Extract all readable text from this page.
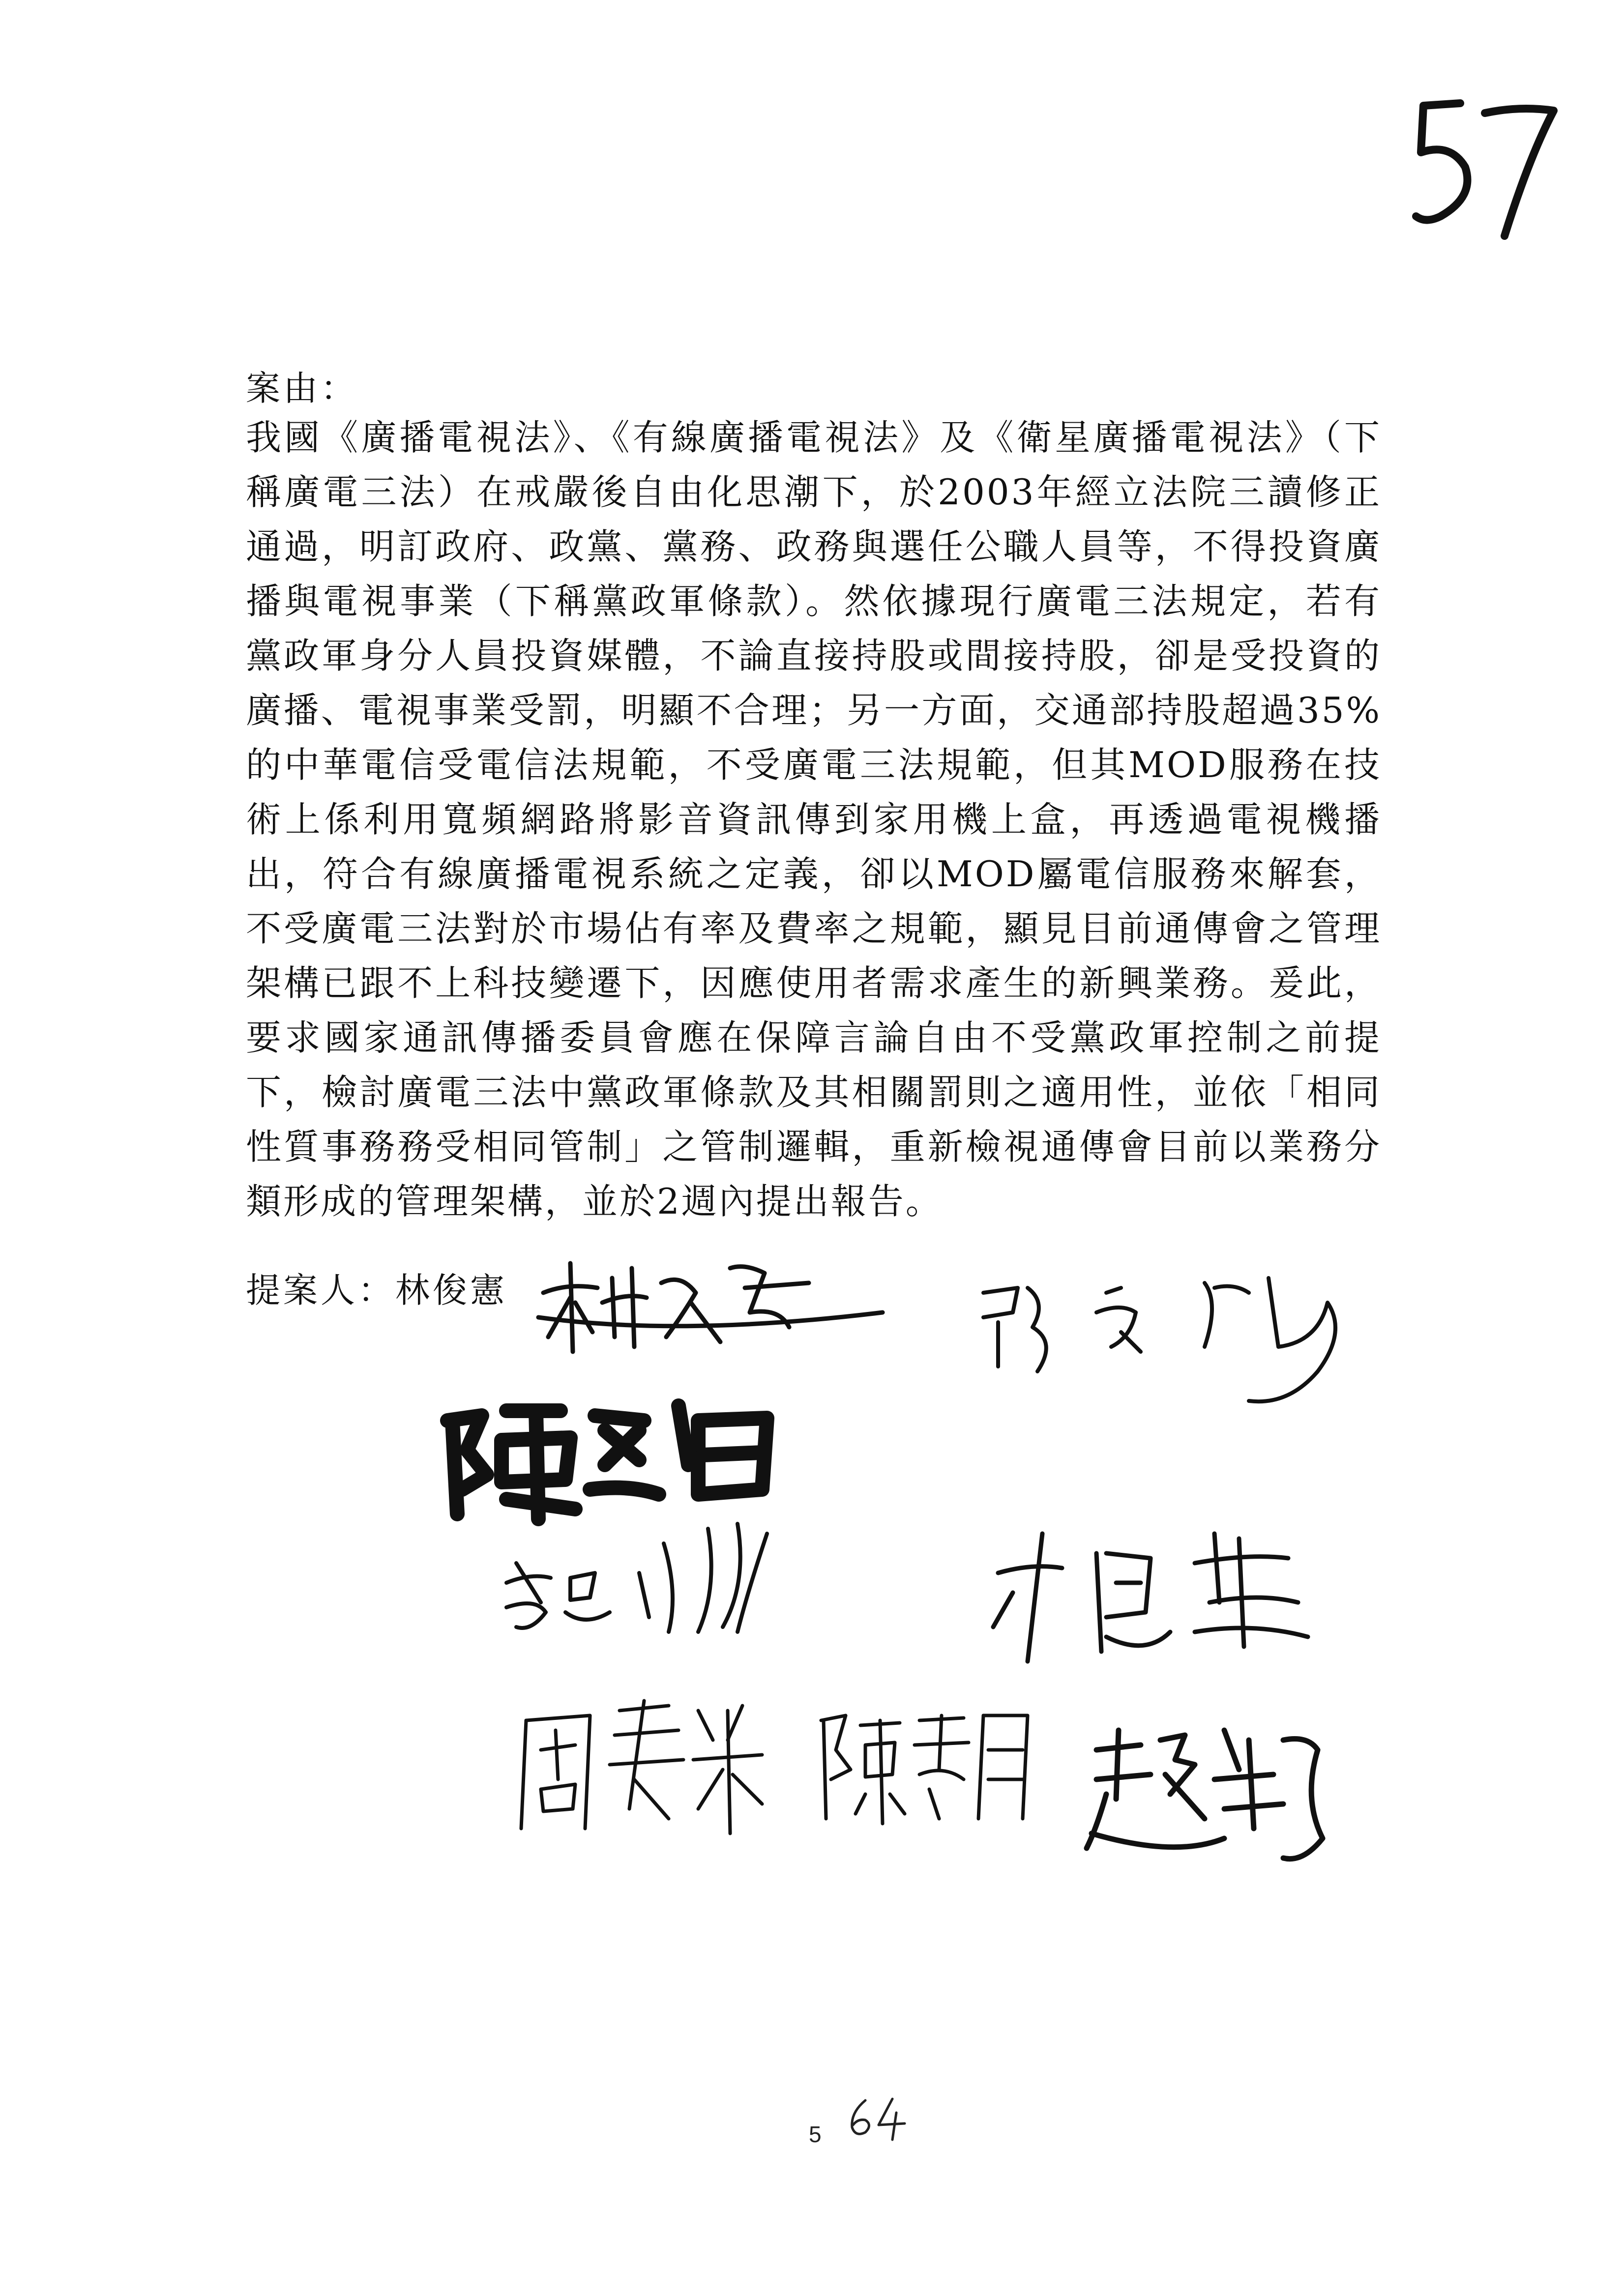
案由：
我國《廣播電視法》、《有線廣播電視法》及《衛星廣播電視法》（下稱廣電三法）在戒嚴後自由化思潮下，於2003年經立法院三讀修正通過，明訂政府、政黨、黨務、政務與選任公職人員等，不得投資廣播與電視事業（下稱黨政軍條款）。然依據現行廣電三法規定，若有黨政軍身分人員投資媒體，不論直接持股或間接持股，卻是受投資的廣播、電視事業受罰，明顯不合理；另一方面，交通部持股超過35%的中華電信受電信法規範，不受廣電三法規範，但其MOD服務在技術上係利用寬頻網路將影音資訊傳到家用機上盒，再透過電視機播出，符合有線廣播電視系統之定義，卻以MOD屬電信服務來解套，不受廣電三法對於市場佔有率及費率之規範，顯見目前通傳會之管理架構已跟不上科技變遷下，因應使用者需求產生的新興業務。爰此，要求國家通訊傳播委員會應在保障言論自由不受黨政軍控制之前提下，檢討廣電三法中黨政軍條款及其相關罰則之適用性，並依「相同性質事務務受相同管制」之管制邏輯，重新檢視通傳會目前以業務分類形成的管理架構，並於2週內提出報告。
提案人：林俊憲
5
